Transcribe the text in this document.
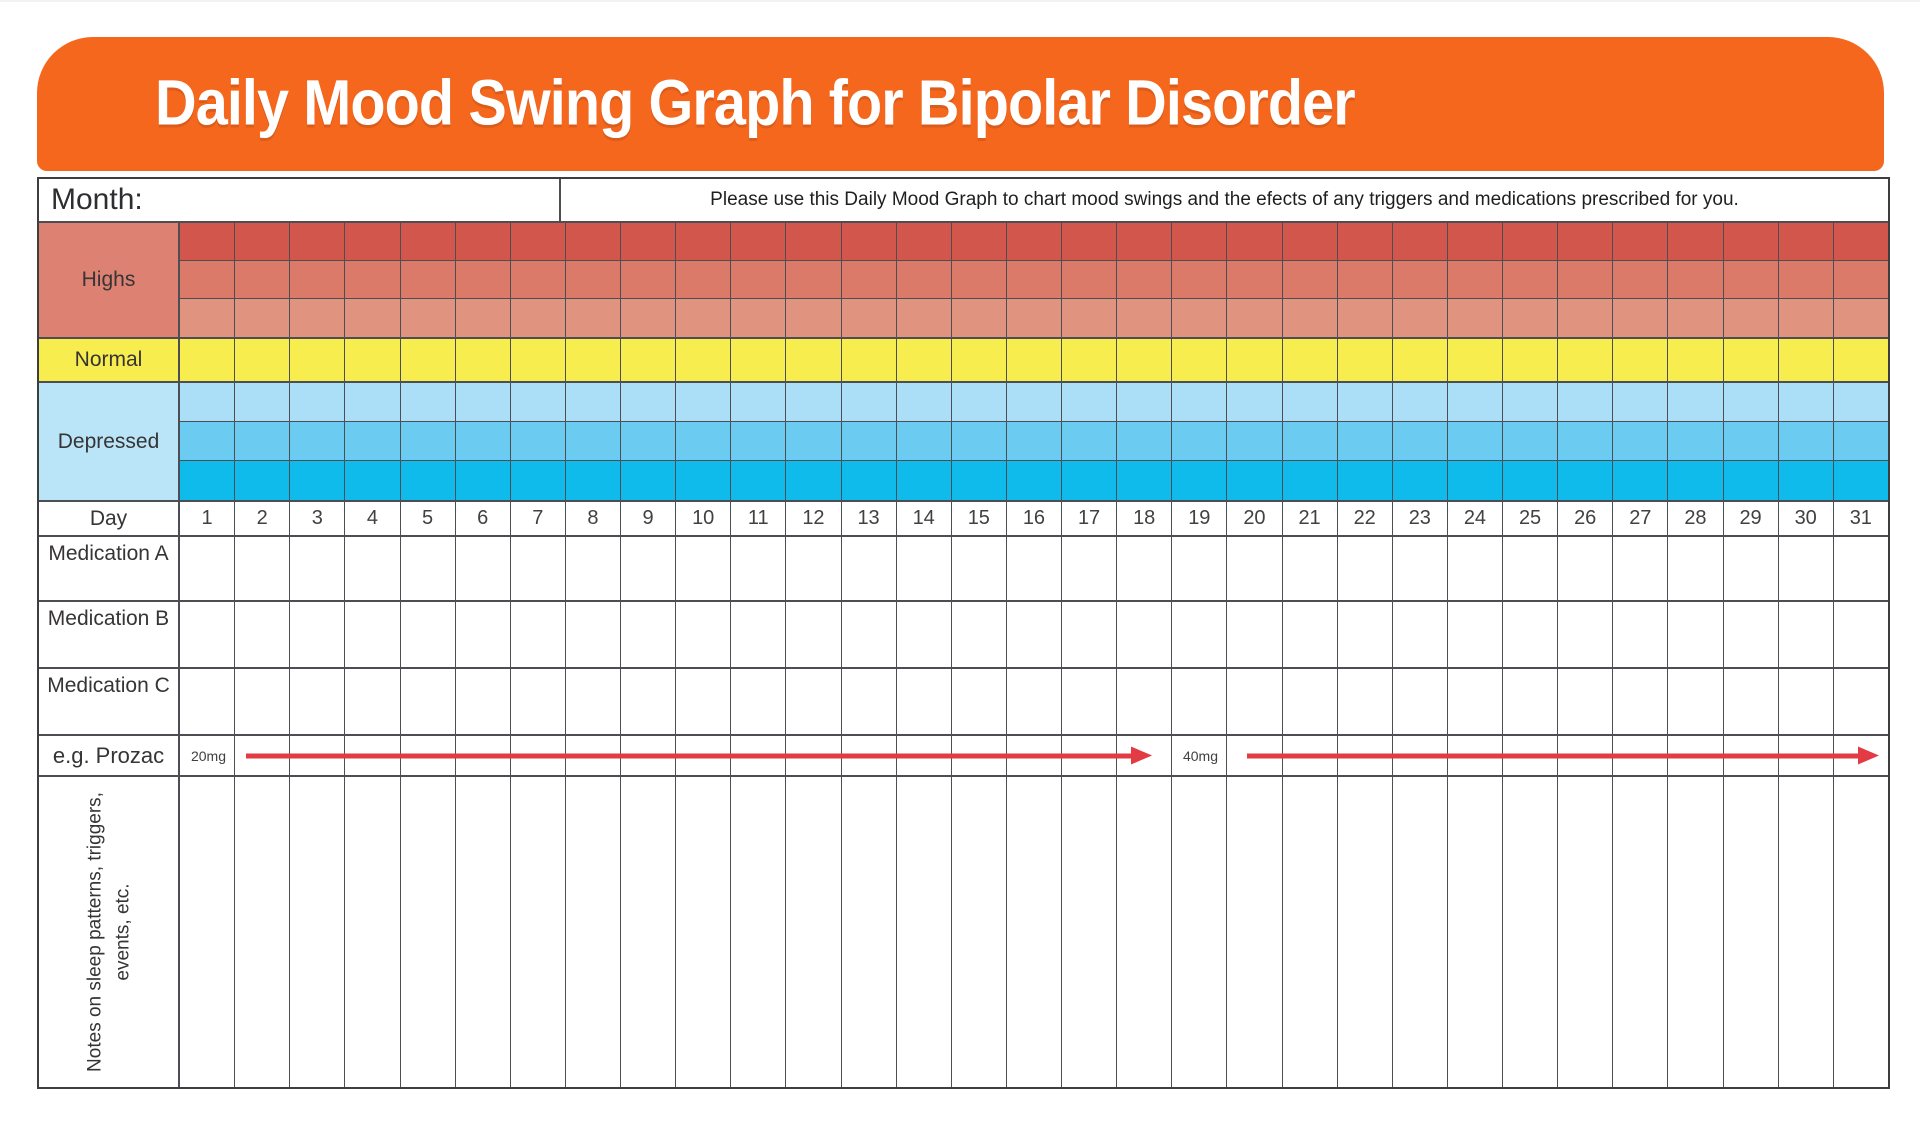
Daily Mood Swing Graph for Bipolar Disorder
Month:	Please use this Daily Mood Graph to chart mood swings and the efects of any triggers and medications prescribed for you.
Highs
Normal
Depressed
Day	1	2	3	4	5	6	7	8	9	10	11	12	13	14	15	16	17	18	19	20	21	22	23	24	25	26	27	28	29	30	31
Medication A
Medication B
Medication C
e.g. Prozac	20mg	40mg
Notes on sleep patterns, triggers, events, etc.
